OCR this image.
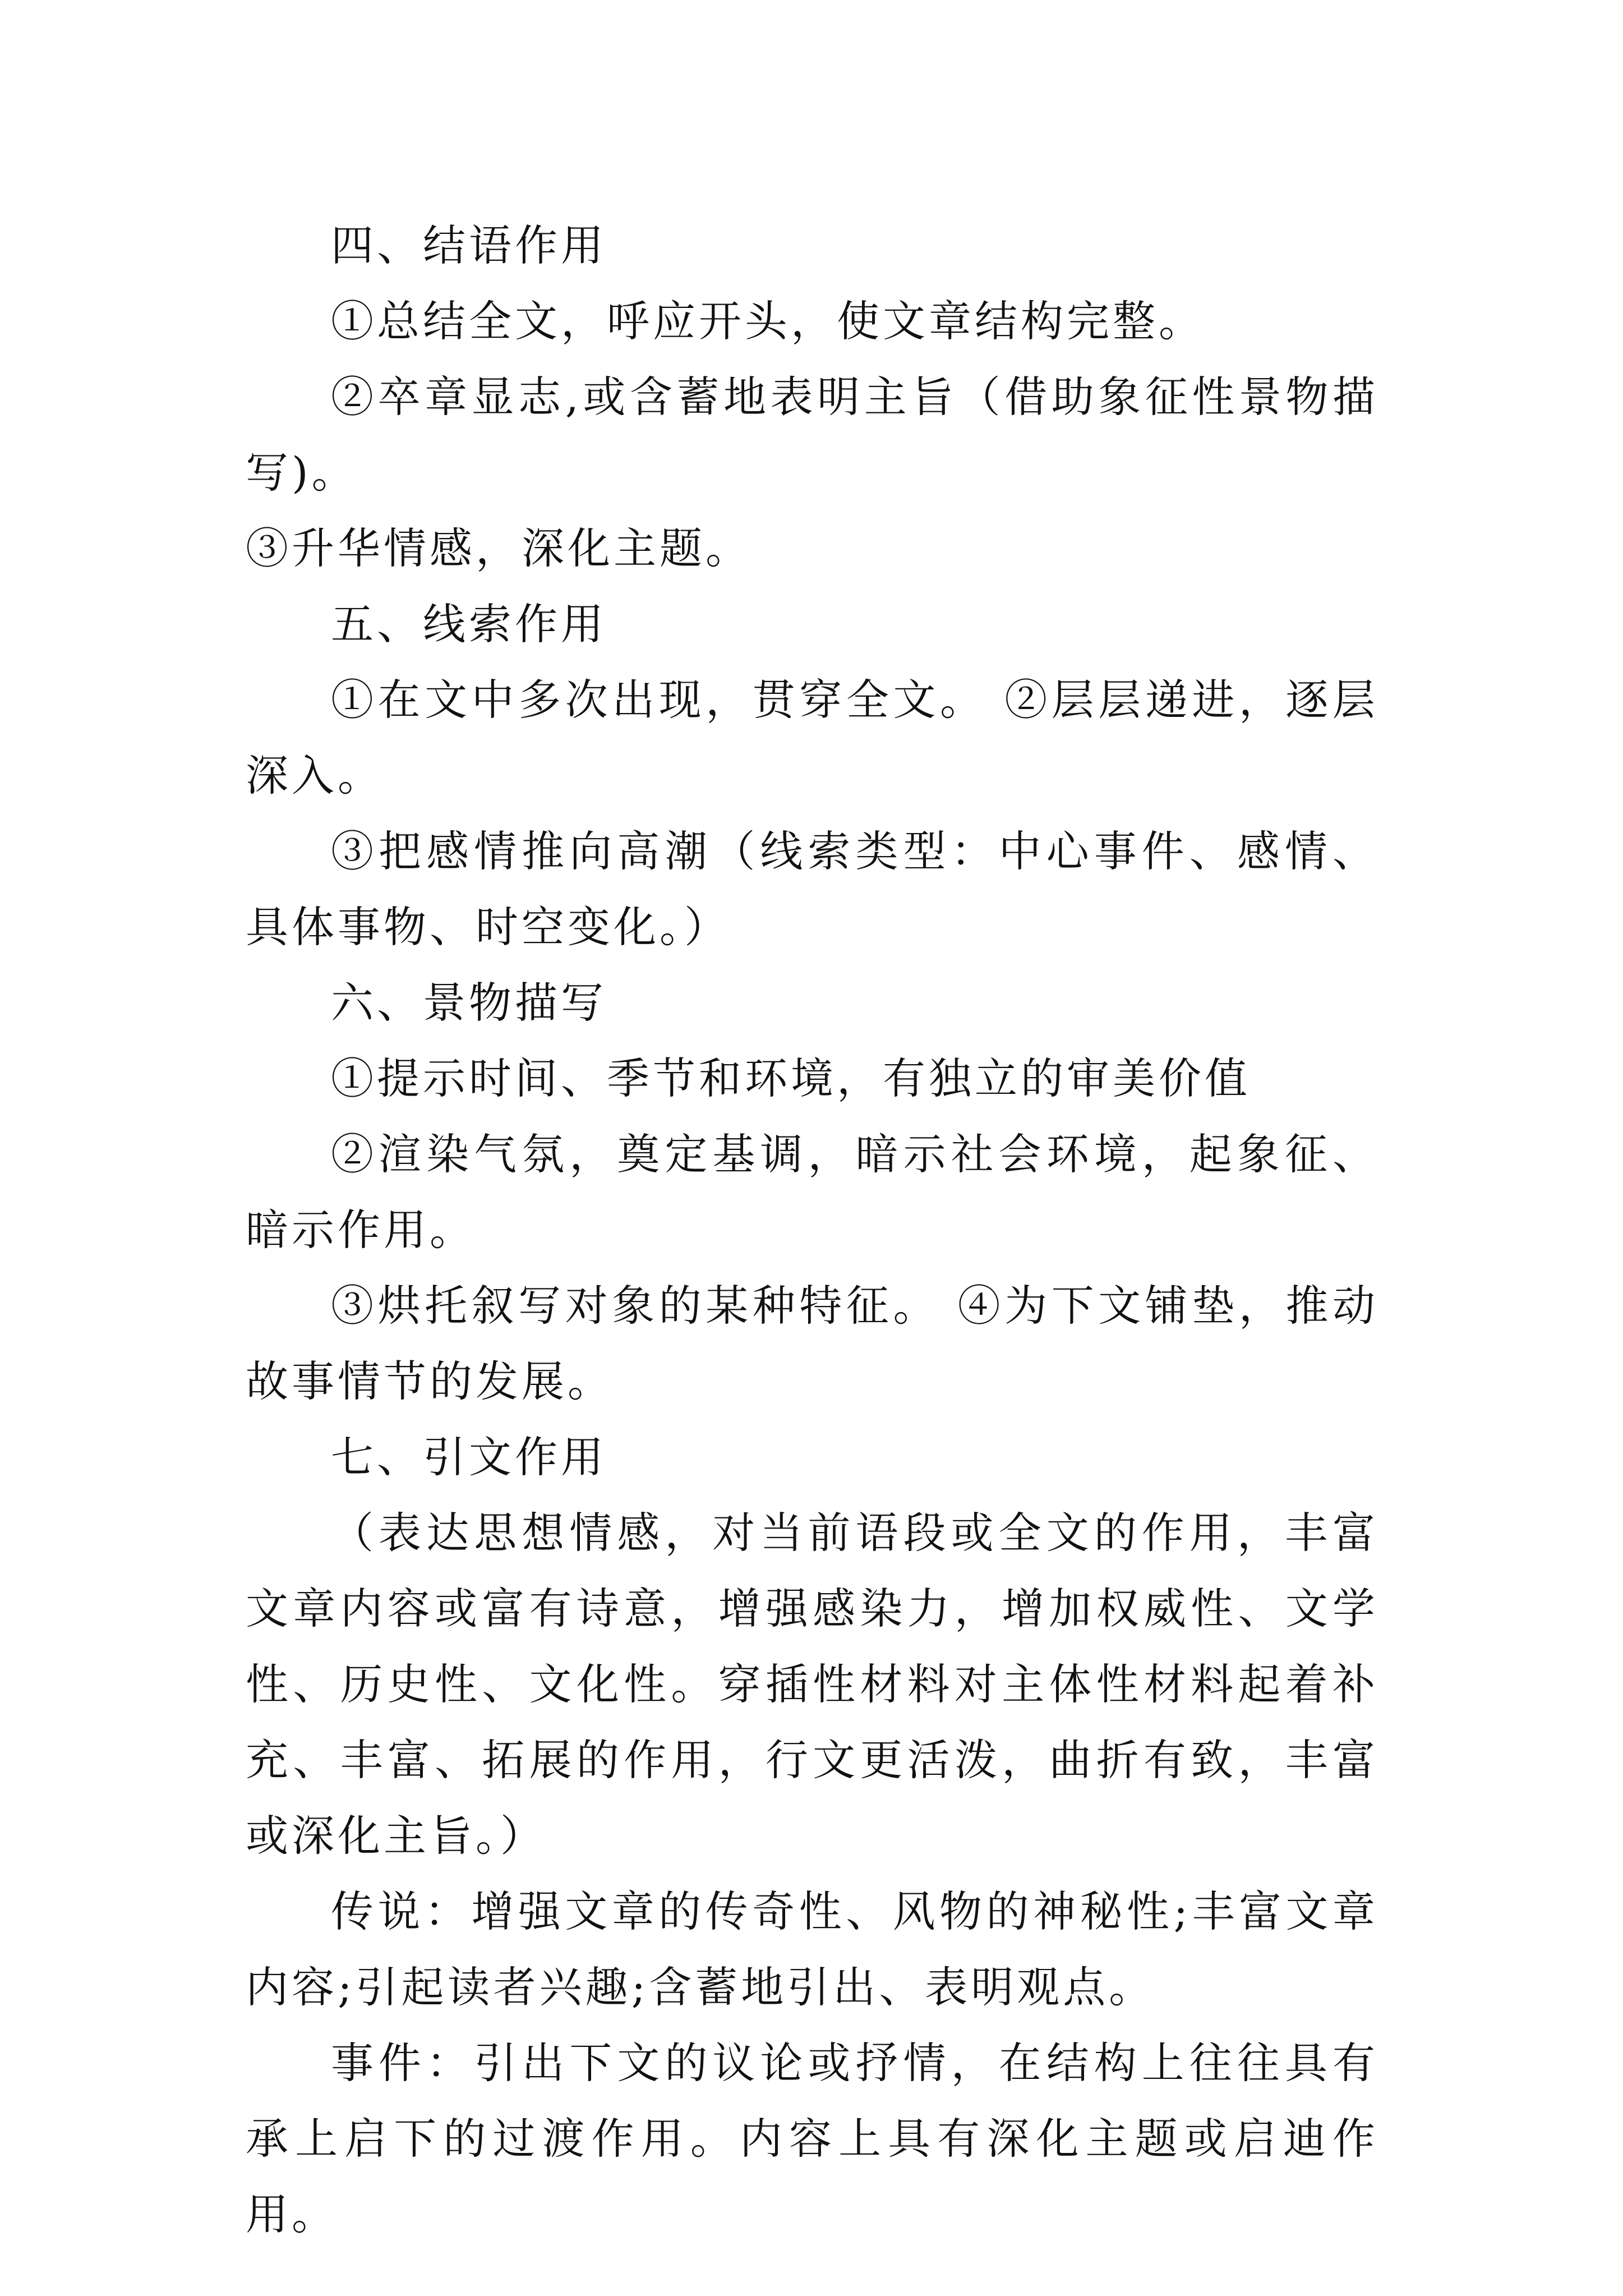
四、结语作用

①总结全文，呼应开头，使文章结构完整。

②卒章显志,或含蓄地表明主旨（借助象征性景物描写)。

③升华情感，深化主题。

五、线索作用

①在文中多次出现，贯穿全文。 ②层层递进，逐层深入。

③把感情推向高潮（线索类型：中心事件、感情、具体事物、时空变化。）

六、景物描写

①提示时间、季节和环境，有独立的审美价值

②渲染气氛，奠定基调，暗示社会环境，起象征、暗示作用。

③烘托叙写对象的某种特征。 ④为下文铺垫，推动故事情节的发展。

七、引文作用

（表达思想情感，对当前语段或全文的作用，丰富文章内容或富有诗意，增强感染力，增加权威性、文学性、历史性、文化性。穿插性材料对主体性材料起着补充、丰富、拓展的作用，行文更活泼，曲折有致，丰富或深化主旨。）

传说：增强文章的传奇性、风物的神秘性;丰富文章内容;引起读者兴趣;含蓄地引出、表明观点。

事件：引出下文的议论或抒情，在结构上往往具有承上启下的过渡作用。内容上具有深化主题或启迪作用。
